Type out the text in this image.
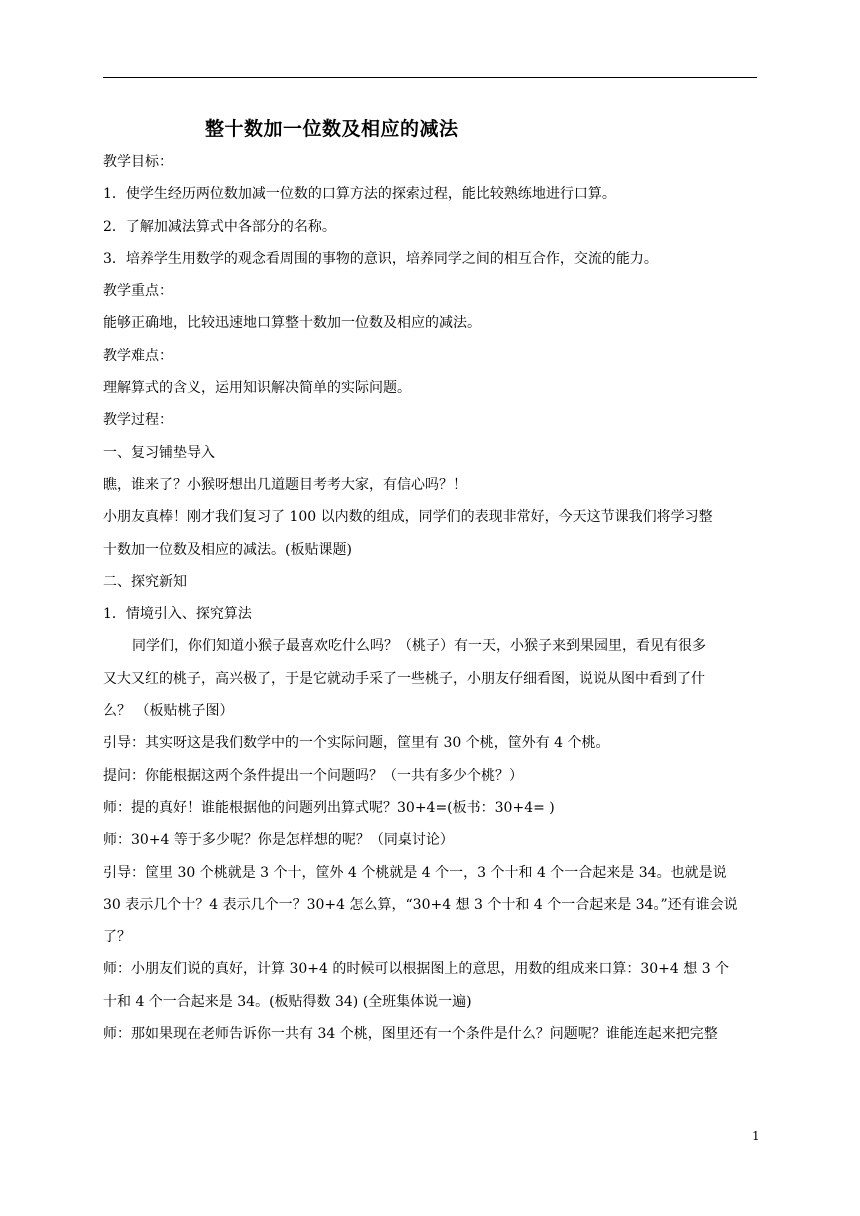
整十数加一位数及相应的减法
教学目标：
1．使学生经历两位数加减一位数的口算方法的探索过程，能比较熟练地进行口算。
2．了解加减法算式中各部分的名称。
3．培养学生用数学的观念看周围的事物的意识，培养同学之间的相互合作，交流的能力。
教学重点：
能够正确地，比较迅速地口算整十数加一位数及相应的减法。
教学难点：
理解算式的含义，运用知识解决简单的实际问题。
教学过程：
一、复习铺垫导入
瞧，谁来了？小猴呀想出几道题目考考大家，有信心吗？！
小朋友真棒！刚才我们复习了 100 以内数的组成，同学们的表现非常好，今天这节课我们将学习整
十数加一位数及相应的减法。(板贴课题)
二、探究新知
1．情境引入、探究算法
同学们，你们知道小猴子最喜欢吃什么吗？（桃子）有一天，小猴子来到果园里，看见有很多
又大又红的桃子，高兴极了，于是它就动手采了一些桃子，小朋友仔细看图，说说从图中看到了什
么？ （板贴桃子图）
引导：其实呀这是我们数学中的一个实际问题，筐里有 30 个桃，筐外有 4 个桃。
提问：你能根据这两个条件提出一个问题吗？（一共有多少个桃？）
师：提的真好！谁能根据他的问题列出算式呢？30+4=(板书：30+4= )
师：30+4 等于多少呢？你是怎样想的呢？（同桌讨论）
引导：筐里 30 个桃就是 3 个十，筐外 4 个桃就是 4 个一，3 个十和 4 个一合起来是 34。也就是说
30 表示几个十？4 表示几个一？30+4 怎么算，“30+4 想 3 个十和 4 个一合起来是 34。”还有谁会说
了？
师：小朋友们说的真好，计算 30+4 的时候可以根据图上的意思，用数的组成来口算：30+4 想 3 个
十和 4 个一合起来是 34。(板贴得数 34) (全班集体说一遍)
师：那如果现在老师告诉你一共有 34 个桃，图里还有一个条件是什么？问题呢？谁能连起来把完整
1
